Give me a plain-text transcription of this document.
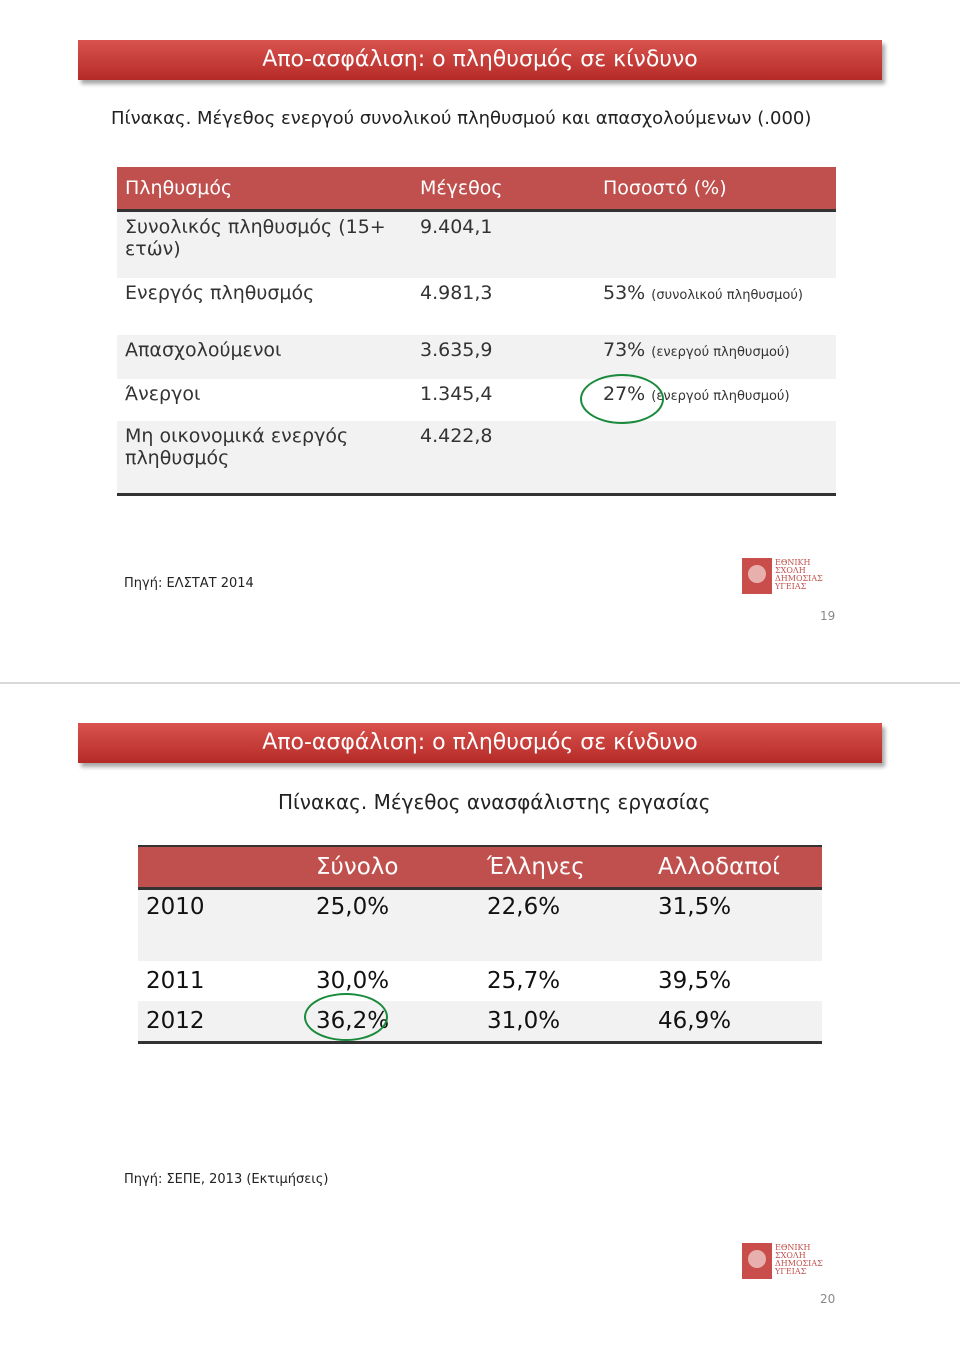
Απο-ασφάλιση: ο πληθυσμός σε κίνδυνο
Πίνακας. Μέγεθος ενεργού συνολικού πληθυσμού και απασχολούμενων (.000)
Πληθυσμός	Μέγεθος	Ποσοστό (%)
Συνολικός πληθυσμός (15+ ετών)	9.404,1	
Ενεργός πληθυσμός	4.981,3	53% (συνολικού πληθυσμού)
Απασχολούμενοι	3.635,9	73% (ενεργού πληθυσμού)
Άνεργοι	1.345,4	27% (ενεργού πληθυσμού)
Μη οικονομικά ενεργός πληθυσμός	4.422,8	
Πηγή: ΕΛΣΤΑΤ 2014
ΕΘΝΙΚΗ
ΣΧΟΛΗ
ΔΗΜΟΣΙΑΣ
ΥΓΕΙΑΣ
19
Απο-ασφάλιση: ο πληθυσμός σε κίνδυνο
Πίνακας. Μέγεθος ανασφάλιστης εργασίας
	Σύνολο	Έλληνες	Αλλοδαποί
2010	25,0%	22,6%	31,5%
2011	30,0%	25,7%	39,5%
2012	36,2%	31,0%	46,9%
Πηγή: ΣΕΠΕ, 2013 (Εκτιμήσεις)
ΕΘΝΙΚΗ
ΣΧΟΛΗ
ΔΗΜΟΣΙΑΣ
ΥΓΕΙΑΣ
20
